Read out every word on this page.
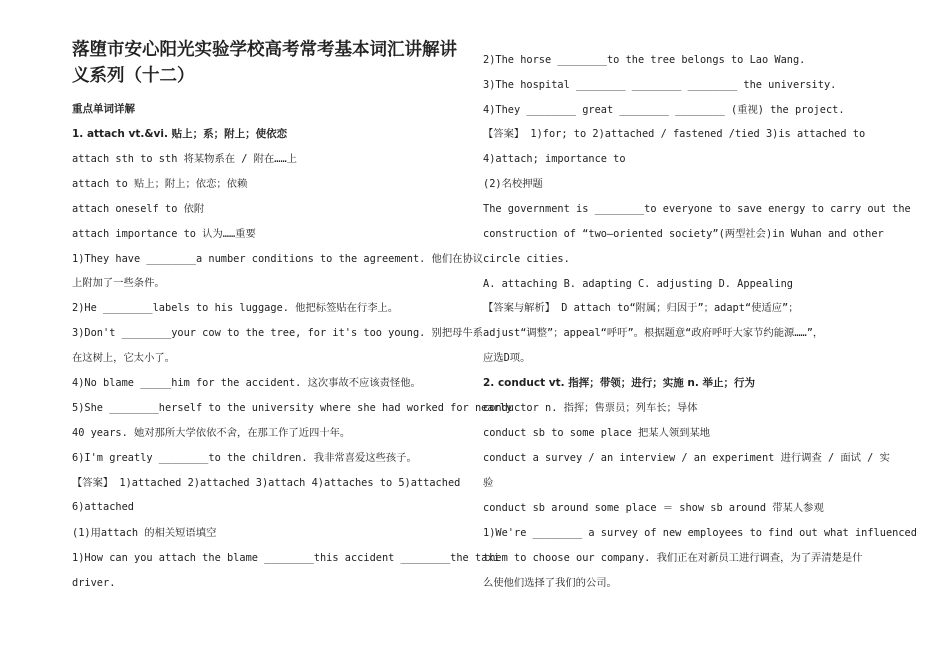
落堕市安心阳光实验学校高考常考基本词汇讲解讲
义系列（十二）
重点单词详解
1. attach vt.&vi. 贴上；系；附上；使依恋
attach sth to sth 将某物系在 / 附在……上
attach to 贴上；附上；依恋；依赖
attach oneself to 依附
attach importance to 认为……重要
1)They have ________a number conditions to the agreement. 他们在协议
上附加了一些条件。
2)He ________labels to his luggage. 他把标签贴在行李上。
3)Don't ________your cow to the tree, for it's too young. 别把母牛系
在这树上，它太小了。
4)No blame _____him for the accident. 这次事故不应该责怪他。
5)She ________herself to the university where she had worked for nearly
40 years. 她对那所大学依依不舍，在那工作了近四十年。
6)I'm greatly ________to the children. 我非常喜爱这些孩子。
【答案】 1)attached 2)attached 3)attach 4)attaches to 5)attached
6)attached
(1)用attach 的相关短语填空
1)How can you attach the blame ________this accident ________the taxi
driver.
2)The horse ________to the tree belongs to Lao Wang.
3)The hospital ________ ________ ________ the university.
4)They ________ great ________ ________ (重视) the project.
【答案】 1)for; to 2)attached / fastened /tied 3)is attached to
4)attach; importance to
(2)名校押题
The government is ________to everyone to save energy to carry out the
construction of “two—oriented society”(两型社会)in Wuhan and other
circle cities.
A. attaching B. adapting C. adjusting D. Appealing
【答案与解析】 D attach to“附属；归因于”；adapt“使适应”；
adjust“调整”；appeal“呼吁”。根据题意“政府呼吁大家节约能源……”，
应选D项。
2. conduct vt. 指挥；带领；进行；实施 n. 举止；行为
conductor n. 指挥；售票员；列车长；导体
conduct sb to some place 把某人领到某地
conduct a survey / an interview / an experiment 进行调查 / 面试 / 实
验
conduct sb around some place ＝ show sb around 带某人参观
1)We're ________ a survey of new employees to find out what influenced
them to choose our company. 我们正在对新员工进行调查，为了弄清楚是什
么使他们选择了我们的公司。
